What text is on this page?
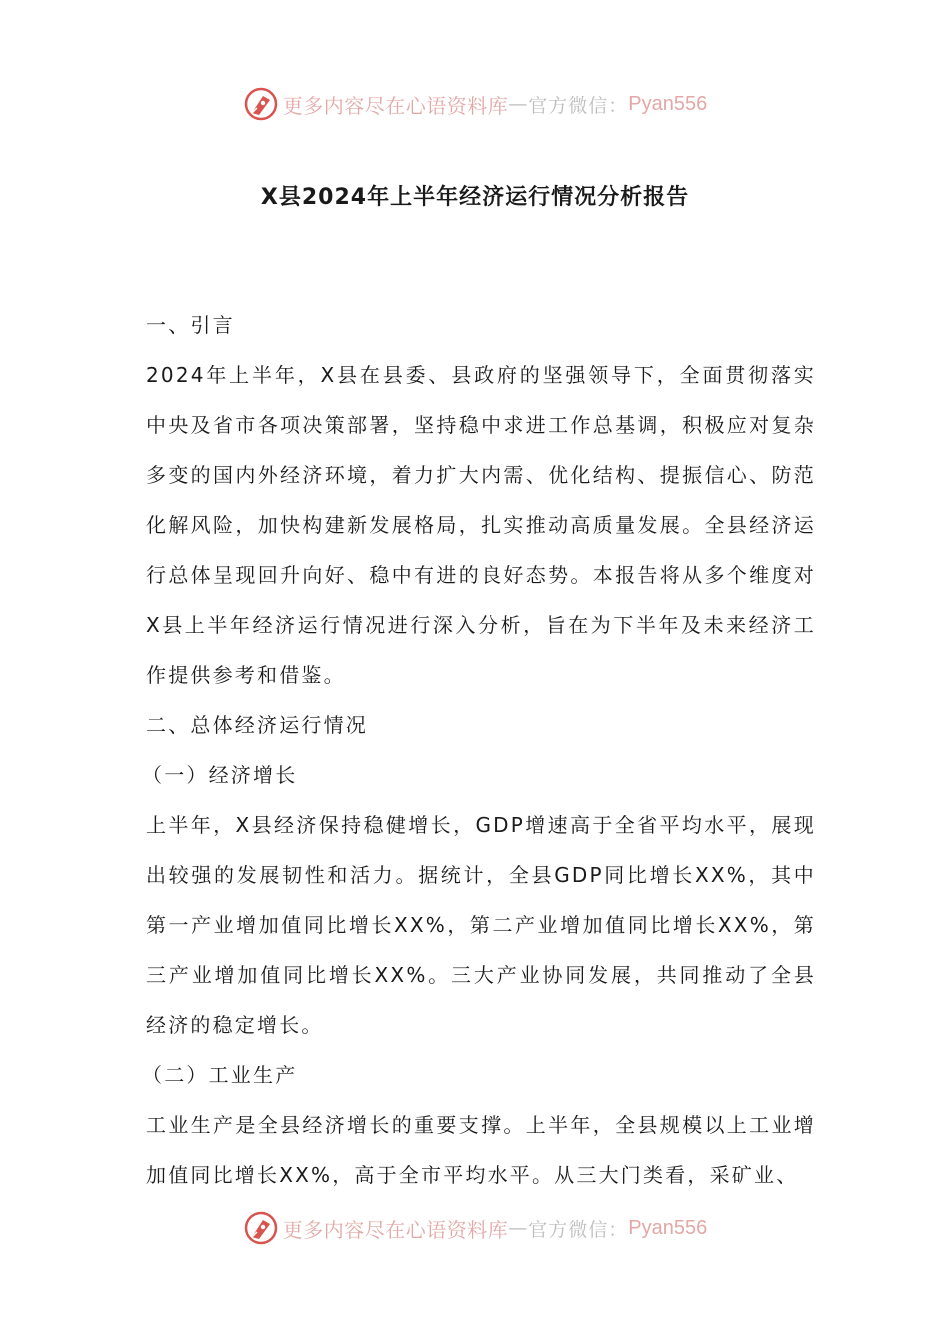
更多内容尽在心语资料库 — 官方微信： Pyan556
X县2024年上半年经济运行情况分析报告

一、引言

2024年上半年，X县在县委、县政府的坚强领导下，全面贯彻落实中央及省市各项决策部署，坚持稳中求进工作总基调，积极应对复杂多变的国内外经济环境，着力扩大内需、优化结构、提振信心、防范化解风险，加快构建新发展格局，扎实推动高质量发展。全县经济运行总体呈现回升向好、稳中有进的良好态势。本报告将从多个维度对X县上半年经济运行情况进行深入分析，旨在为下半年及未来经济工作提供参考和借鉴。

二、总体经济运行情况

（一）经济增长

上半年，X县经济保持稳健增长，GDP增速高于全省平均水平，展现出较强的发展韧性和活力。据统计，全县GDP同比增长XX%，其中第一产业增加值同比增长XX%，第二产业增加值同比增长XX%，第三产业增加值同比增长XX%。三大产业协同发展，共同推动了全县经济的稳定增长。

（二）工业生产

工业生产是全县经济增长的重要支撑。上半年，全县规模以上工业增加值同比增长XX%，高于全市平均水平。从三大门类看，采矿业、

更多内容尽在心语资料库 — 官方微信： Pyan556
